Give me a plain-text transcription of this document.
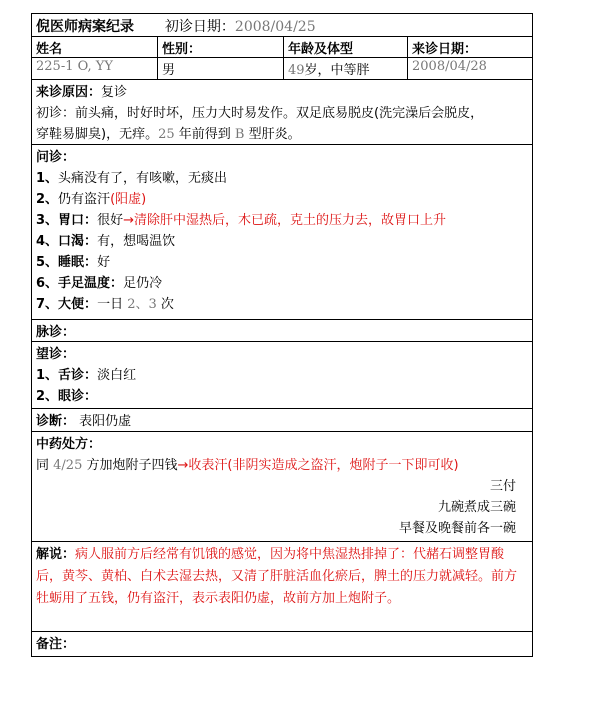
倪医师病案纪录 初诊日期：2008/04/25
姓名	性别：	年龄及体型	来诊日期：
225-1 O, YY	男	49岁，中等胖	2008/04/28
来诊原因：复诊
初诊：前头痛，时好时坏，压力大时易发作。双足底易脱皮(洗完澡后会脱皮，
穿鞋易脚臭)，无痒。25 年前得到 B 型肝炎。
问诊：
1、头痛没有了，有咳嗽，无痰出
2、仍有盗汗(阳虚)
3、胃口：很好→清除肝中湿热后，木已疏，克土的压力去，故胃口上升
4、口渴：有，想喝温饮
5、睡眠：好
6、手足温度：足仍冷
7、大便：一日 2、3 次
脉诊：
望诊：
1、舌诊：淡白红
2、眼诊：
诊断： 表阳仍虚
中药处方：
同 4/25 方加炮附子四钱→收表汗(非阴实造成之盗汗，炮附子一下即可收)
三付
九碗煮成三碗
早餐及晚餐前各一碗
解说：病人服前方后经常有饥饿的感觉，因为将中焦湿热排掉了：代赭石调整胃酸后，黄芩、黄柏、白术去湿去热，又清了肝脏活血化瘀后，脾土的压力就减轻。前方牡蛎用了五钱，仍有盗汗，表示表阳仍虚，故前方加上炮附子。
备注：
